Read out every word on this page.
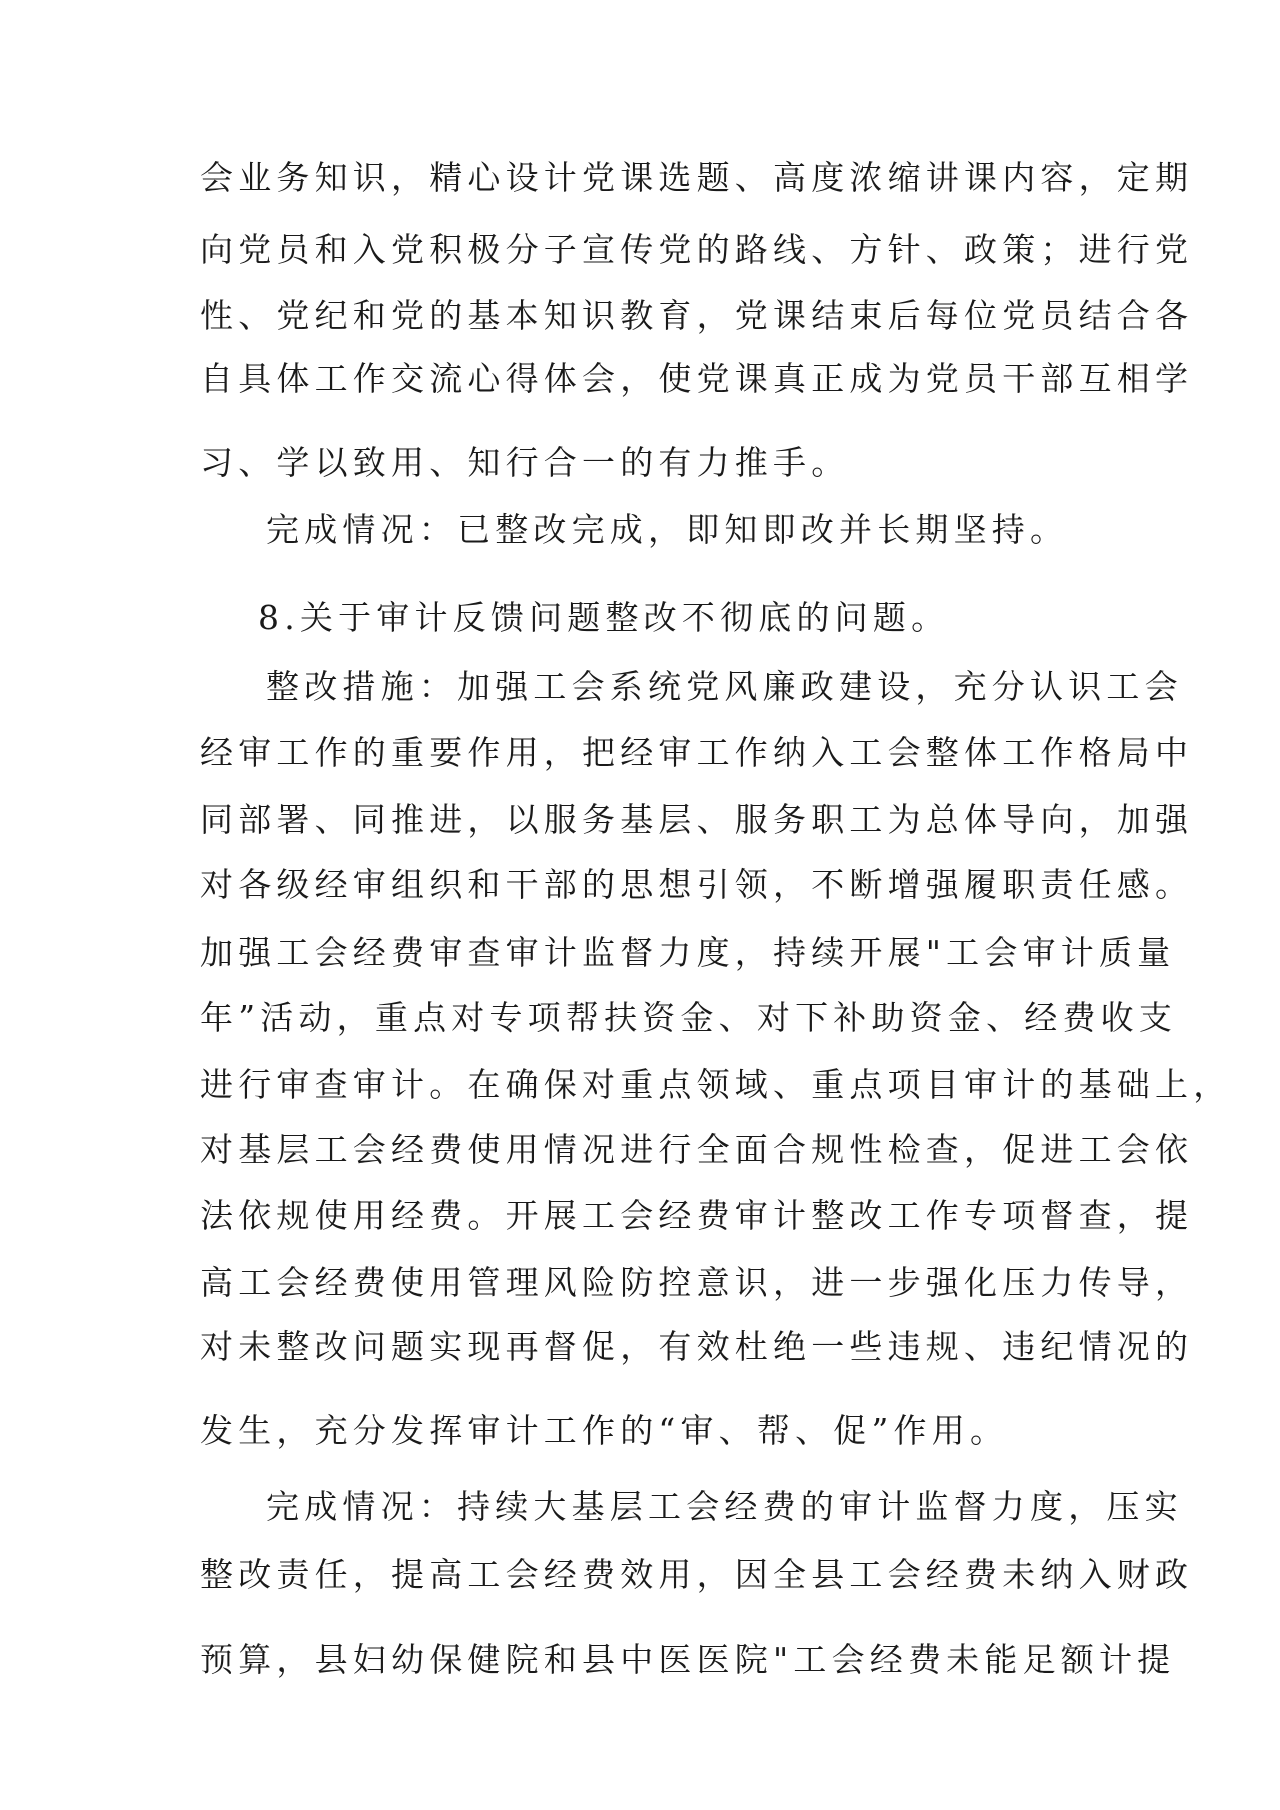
会业务知识，精心设计党课选题、高度浓缩讲课内容，定期
向党员和入党积极分子宣传党的路线、方针、政策；进行党
性、党纪和党的基本知识教育，党课结束后每位党员结合各
自具体工作交流心得体会，使党课真正成为党员干部互相学
习、学以致用、知行合一的有力推手。
完成情况：已整改完成，即知即改并长期坚持。
8.关于审计反馈问题整改不彻底的问题。
整改措施：加强工会系统党风廉政建设，充分认识工会
经审工作的重要作用，把经审工作纳入工会整体工作格局中
同部署、同推进，以服务基层、服务职工为总体导向，加强
对各级经审组织和干部的思想引领，不断增强履职责任感。
加强工会经费审查审计监督力度，持续开展"工会审计质量
年”活动，重点对专项帮扶资金、对下补助资金、经费收支
进行审查审计。在确保对重点领域、重点项目审计的基础上，
对基层工会经费使用情况进行全面合规性检查，促进工会依
法依规使用经费。开展工会经费审计整改工作专项督查，提
高工会经费使用管理风险防控意识，进一步强化压力传导，
对未整改问题实现再督促，有效杜绝一些违规、违纪情况的
发生，充分发挥审计工作的“审、帮、促”作用。
完成情况：持续大基层工会经费的审计监督力度，压实
整改责任，提高工会经费效用，因全县工会经费未纳入财政
预算，县妇幼保健院和县中医医院"工会经费未能足额计提
